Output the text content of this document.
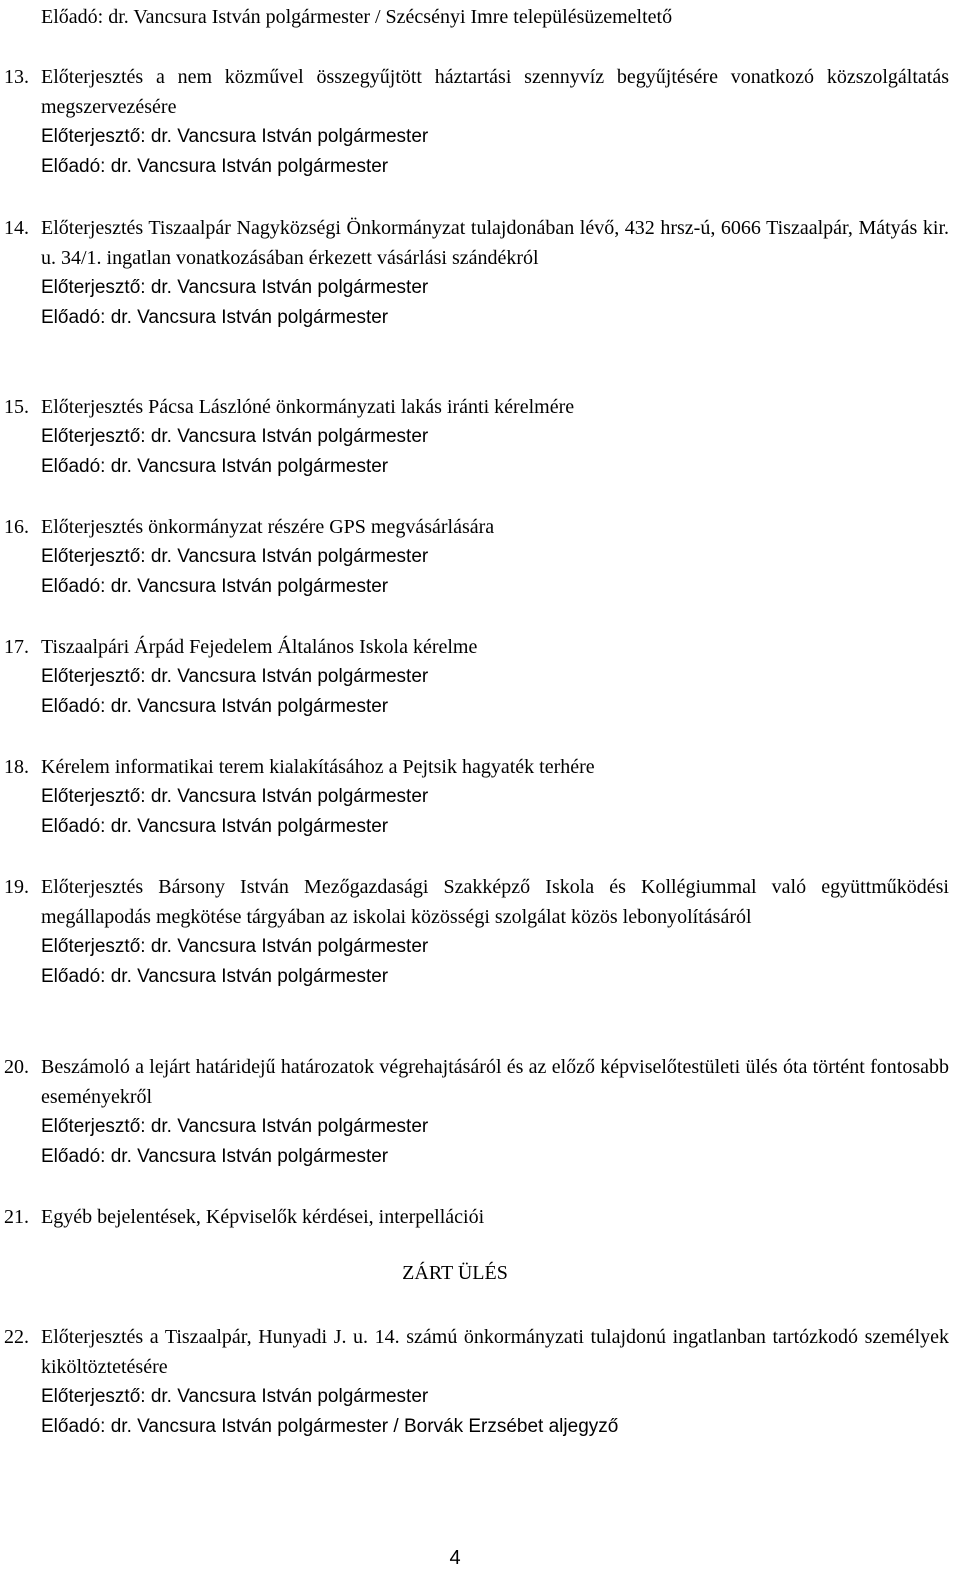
Előadó: dr. Vancsura István polgármester / Szécsényi Imre településüzemeltető
13. Előterjesztés a nem közművel összegyűjtött háztartási szennyvíz begyűjtésére vonatkozó közszolgáltatás megszervezésére
Előterjesztő: dr. Vancsura István polgármester
Előadó: dr. Vancsura István polgármester
14. Előterjesztés Tiszaalpár Nagyközségi Önkormányzat tulajdonában lévő, 432 hrsz-ú, 6066 Tiszaalpár, Mátyás kir. u. 34/1. ingatlan vonatkozásában érkezett vásárlási szándékról
Előterjesztő: dr. Vancsura István polgármester
Előadó: dr. Vancsura István polgármester
15. Előterjesztés Pácsa Lászlóné önkormányzati lakás iránti kérelmére
Előterjesztő: dr. Vancsura István polgármester
Előadó: dr. Vancsura István polgármester
16. Előterjesztés önkormányzat részére GPS megvásárlására
Előterjesztő: dr. Vancsura István polgármester
Előadó: dr. Vancsura István polgármester
17. Tiszaalpári Árpád Fejedelem Általános Iskola kérelme
Előterjesztő: dr. Vancsura István polgármester
Előadó: dr. Vancsura István polgármester
18. Kérelem informatikai terem kialakításához a Pejtsik hagyaték terhére
Előterjesztő: dr. Vancsura István polgármester
Előadó: dr. Vancsura István polgármester
19. Előterjesztés Bársony István Mezőgazdasági Szakképző Iskola és Kollégiummal való együttműködési megállapodás megkötése tárgyában az iskolai közösségi szolgálat közös lebonyolításáról
Előterjesztő: dr. Vancsura István polgármester
Előadó: dr. Vancsura István polgármester
20. Beszámoló a lejárt határidejű határozatok végrehajtásáról és az előző képviselőtestületi ülés óta történt fontosabb eseményekről
Előterjesztő: dr. Vancsura István polgármester
Előadó: dr. Vancsura István polgármester
21. Egyéb bejelentések, Képviselők kérdései, interpellációi
ZÁRT ÜLÉS
22. Előterjesztés a Tiszaalpár, Hunyadi J. u. 14. számú önkormányzati tulajdonú ingatlanban tartózkodó személyek kiköltöztetésére
Előterjesztő: dr. Vancsura István polgármester
Előadó: dr. Vancsura István polgármester / Borvák Erzsébet aljegyző
4
